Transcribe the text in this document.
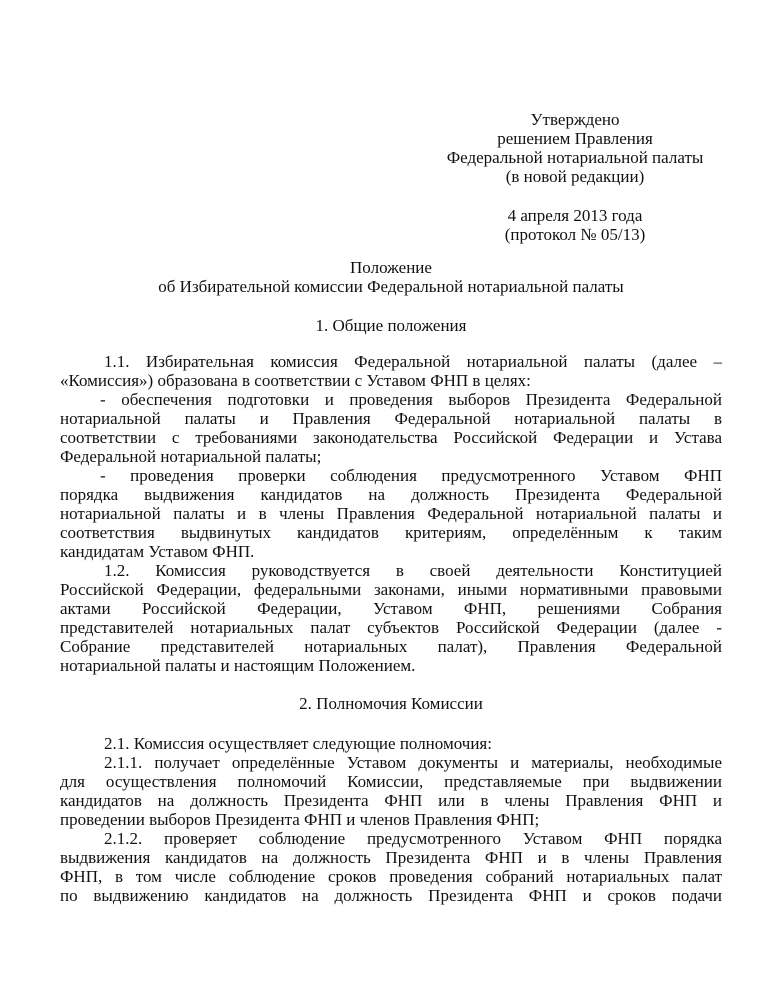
Утверждено
решением Правления
Федеральной нотариальной палаты
(в новой редакции)
4 апреля 2013 года
(протокол № 05/13)
Положение
об Избирательной комиссии Федеральной нотариальной палаты
1. Общие положения
1.1. Избирательная комиссия Федеральной нотариальной палаты (далее –
«Комиссия») образована в соответствии с Уставом ФНП в целях:
- обеспечения подготовки и проведения выборов Президента Федеральной
нотариальной палаты и Правления Федеральной нотариальной палаты в
соответствии с требованиями законодательства Российской Федерации и Устава
Федеральной нотариальной палаты;
- проведения проверки соблюдения предусмотренного Уставом ФНП
порядка выдвижения кандидатов на должность Президента Федеральной
нотариальной палаты и в члены Правления Федеральной нотариальной палаты и
соответствия выдвинутых кандидатов критериям, определённым к таким
кандидатам Уставом ФНП.
1.2. Комиссия руководствуется в своей деятельности Конституцией
Российской Федерации, федеральными законами, иными нормативными правовыми
актами Российской Федерации, Уставом ФНП, решениями Собрания
представителей нотариальных палат субъектов Российской Федерации (далее -
Собрание представителей нотариальных палат), Правления Федеральной
нотариальной палаты и настоящим Положением.
2. Полномочия Комиссии
2.1. Комиссия осуществляет следующие полномочия:
2.1.1. получает определённые Уставом документы и материалы, необходимые
для осуществления полномочий Комиссии, представляемые при выдвижении
кандидатов на должность Президента ФНП или в члены Правления ФНП и
проведении выборов Президента ФНП и членов Правления ФНП;
2.1.2. проверяет соблюдение предусмотренного Уставом ФНП порядка
выдвижения кандидатов на должность Президента ФНП и в члены Правления
ФНП, в том числе соблюдение сроков проведения собраний нотариальных палат
по выдвижению кандидатов на должность Президента ФНП и сроков подачи
